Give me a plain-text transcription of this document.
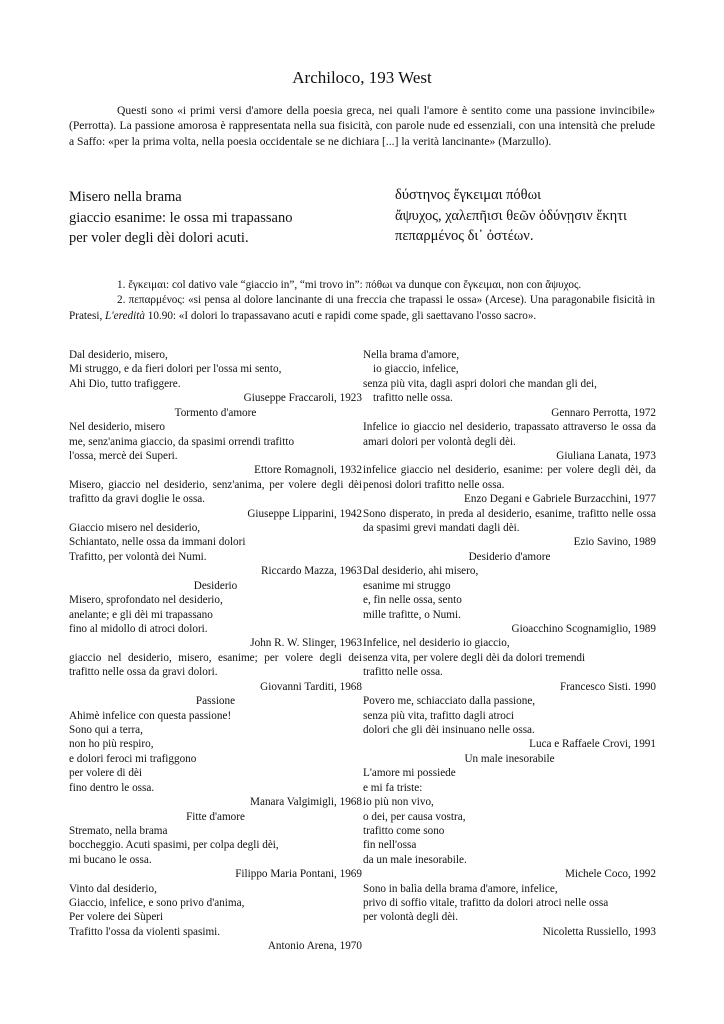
Archiloco, 193 West
Questi sono «i primi versi d'amore della poesia greca, nei quali l'amore è sentito come una passione invincibile» (Perrotta). La passione amorosa è rappresentata nella sua fisicità, con parole nude ed essenziali, con una intensità che prelude a Saffo: «per la prima volta, nella poesia occidentale se ne dichiara [...] la verità lancinante» (Marzullo).
Misero nella brama
giaccio esanime: le ossa mi trapassano
per voler degli dèi dolori acuti.
δύστηνος ἔγκειμαι πόθωι
ἄψυχος, χαλεπῆισι θεῶν ὀδύνῃσιν ἕκητι
πεπαρμένος δι᾽ ὀστέων.
1. ἔγκειμαι: col dativo vale “giaccio in”, “mi trovo in”: πόθωι va dunque con ἔγκειμαι, non con ἄψυχος.
2. πεπαρμένος: «si pensa al dolore lancinante di una freccia che trapassi le ossa» (Arcese). Una paragonabile fisicità in Pratesi, L'eredità 10.90: «I dolori lo trapassavano acuti e rapidi come spade, gli saettavano l'osso sacro».
Dal desiderio, misero,
Mi struggo, e da fieri dolori per l'ossa mi sento,
Ahi Dio, tutto trafiggere.
Giuseppe Fraccaroli, 1923
Tormento d'amore
Nel desiderio, misero
me, senz'anima giaccio, da spasimi orrendi trafitto
l'ossa, mercè dei Superi.
Ettore Romagnoli, 1932
Misero, giaccio nel desiderio, senz'anima, per volere degli dèi trafitto da gravi doglie le ossa.
Giuseppe Lipparini, 1942
Giaccio misero nel desiderio,
Schiantato, nelle ossa da immani dolori
Trafitto, per volontà dei Numi.
Riccardo Mazza, 1963
Desiderio
Misero, sprofondato nel desiderio,
anelante; e gli dèi mi trapassano
fino al midollo di atroci dolori.
John R. W. Slinger, 1963
giaccio nel desiderio, misero, esanime; per volere degli dei trafitto nelle ossa da gravi dolori.
Giovanni Tarditi, 1968
Passione
Ahimè infelice con questa passione!
Sono qui a terra,
non ho più respiro,
e dolori feroci mi trafiggono
per volere di dèi
fino dentro le ossa.
Manara Valgimigli, 1968
Fitte d'amore
Stremato, nella brama
boccheggio. Acuti spasimi, per colpa degli dèi,
mi bucano le ossa.
Filippo Maria Pontani, 1969
Vinto dal desiderio,
Giaccio, infelice, e sono privo d'anima,
Per volere dei Sùperi
Trafitto l'ossa da violenti spasimi.
Antonio Arena, 1970
Nella brama d'amore,
io giaccio, infelice,
senza più vita, dagli aspri dolori che mandan gli dei,
trafitto nelle ossa.
Gennaro Perrotta, 1972
Infelice io giaccio nel desiderio, trapassato attraverso le ossa da amari dolori per volontà degli dèi.
Giuliana Lanata, 1973
infelice giaccio nel desiderio, esanime: per volere degli dèi, da penosi dolori trafitto nelle ossa.
Enzo Degani e Gabriele Burzacchini, 1977
Sono disperato, in preda al desiderio, esanime, trafitto nelle ossa da spasimi grevi mandati dagli dèi.
Ezio Savino, 1989
Desiderio d'amore
Dal desiderio, ahi misero,
esanime mi struggo
e, fin nelle ossa, sento
mille trafitte, o Numi.
Gioacchino Scognamiglio, 1989
Infelice, nel desiderio io giaccio,
senza vita, per volere degli dèi da dolori tremendi
trafitto nelle ossa.
Francesco Sisti. 1990
Povero me, schiacciato dalla passione,
senza più vita, trafitto dagli atroci
dolori che gli dèi insinuano nelle ossa.
Luca e Raffaele Crovi, 1991
Un male inesorabile
L'amore mi possiede
e mi fa triste:
io più non vivo,
o dei, per causa vostra,
trafitto come sono
fin nell'ossa
da un male inesorabile.
Michele Coco, 1992
Sono in balìa della brama d'amore, infelice,
privo di soffio vitale, trafitto da dolori atroci nelle ossa
per volontà degli dèi.
Nicoletta Russiello, 1993
